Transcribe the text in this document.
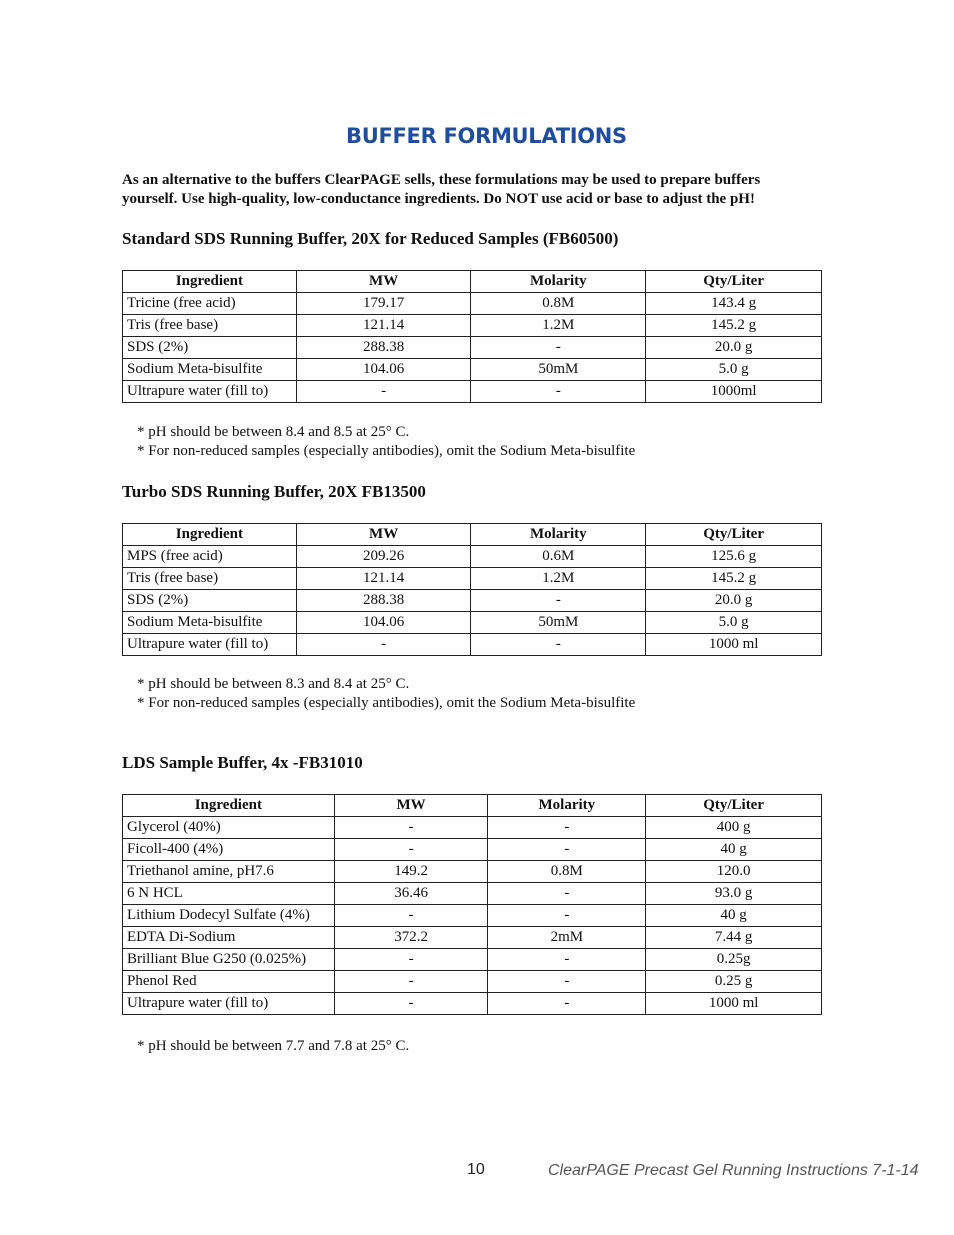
BUFFER FORMULATIONS

As an alternative to the buffers ClearPAGE sells, these formulations may be used to prepare buffers
yourself. Use high-quality, low-conductance ingredients. Do NOT use acid or base to adjust the pH!

Standard SDS Running Buffer, 20X for Reduced Samples (FB60500)
Ingredient	MW	Molarity	Qty/Liter
Tricine (free acid)	179.17	0.8M	143.4 g
Tris (free base)	121.14	1.2M	145.2 g
SDS (2%)	288.38	-	20.0 g
Sodium Meta-bisulfite	104.06	50mM	5.0 g
Ultrapure water (fill to)	-	-	1000ml

* pH should be between 8.4 and 8.5 at 25° C.

* For non-reduced samples (especially antibodies), omit the Sodium Meta-bisulfite

Turbo SDS Running Buffer, 20X FB13500
Ingredient	MW	Molarity	Qty/Liter
MPS (free acid)	209.26	0.6M	125.6 g
Tris (free base)	121.14	1.2M	145.2 g
SDS (2%)	288.38	-	20.0 g
Sodium Meta-bisulfite	104.06	50mM	5.0 g
Ultrapure water (fill to)	-	-	1000 ml

* pH should be between 8.3 and 8.4 at 25° C.

* For non-reduced samples (especially antibodies), omit the Sodium Meta-bisulfite

LDS Sample Buffer, 4x -FB31010
Ingredient	MW	Molarity	Qty/Liter
Glycerol (40%)	-	-	400 g
Ficoll-400 (4%)	-	-	40 g
Triethanol amine, pH7.6	149.2	0.8M	120.0
6 N HCL	36.46	-	93.0 g
Lithium Dodecyl Sulfate (4%)	-	-	40 g
EDTA Di-Sodium	372.2	2mM	7.44 g
Brilliant Blue G250 (0.025%)	-	-	0.25g
Phenol Red	-	-	0.25 g
Ultrapure water (fill to)	-	-	1000 ml

* pH should be between 7.7 and 7.8 at 25° C.

10	ClearPAGE Precast Gel Running Instructions 7-1-14
